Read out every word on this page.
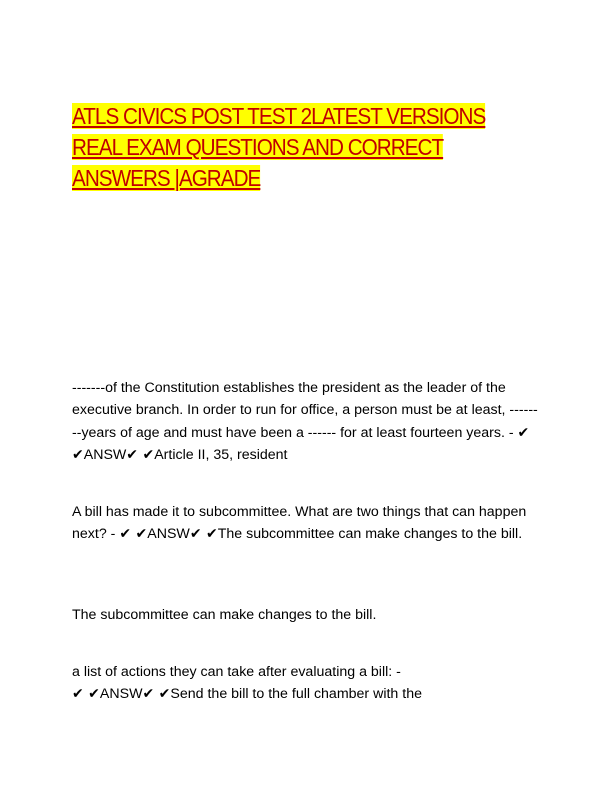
ATLS CIVICS POST TEST 2LATEST VERSIONS REAL EXAM QUESTIONS AND CORRECT ANSWERS |AGRADE

-------of the Constitution establishes the president as the leader of the executive branch. In order to run for office, a person must be at least, --------years of age and must have been a ------ for at least fourteen years. - ✔ ✔ANSW✔ ✔Article II, 35, resident

A bill has made it to subcommittee. What are two things that can happen next? - ✔ ✔ANSW✔ ✔The subcommittee can make changes to the bill.

The subcommittee can make changes to the bill.

a list of actions they can take after evaluating a bill: -
✔ ✔ANSW✔ ✔Send the bill to the full chamber with the
